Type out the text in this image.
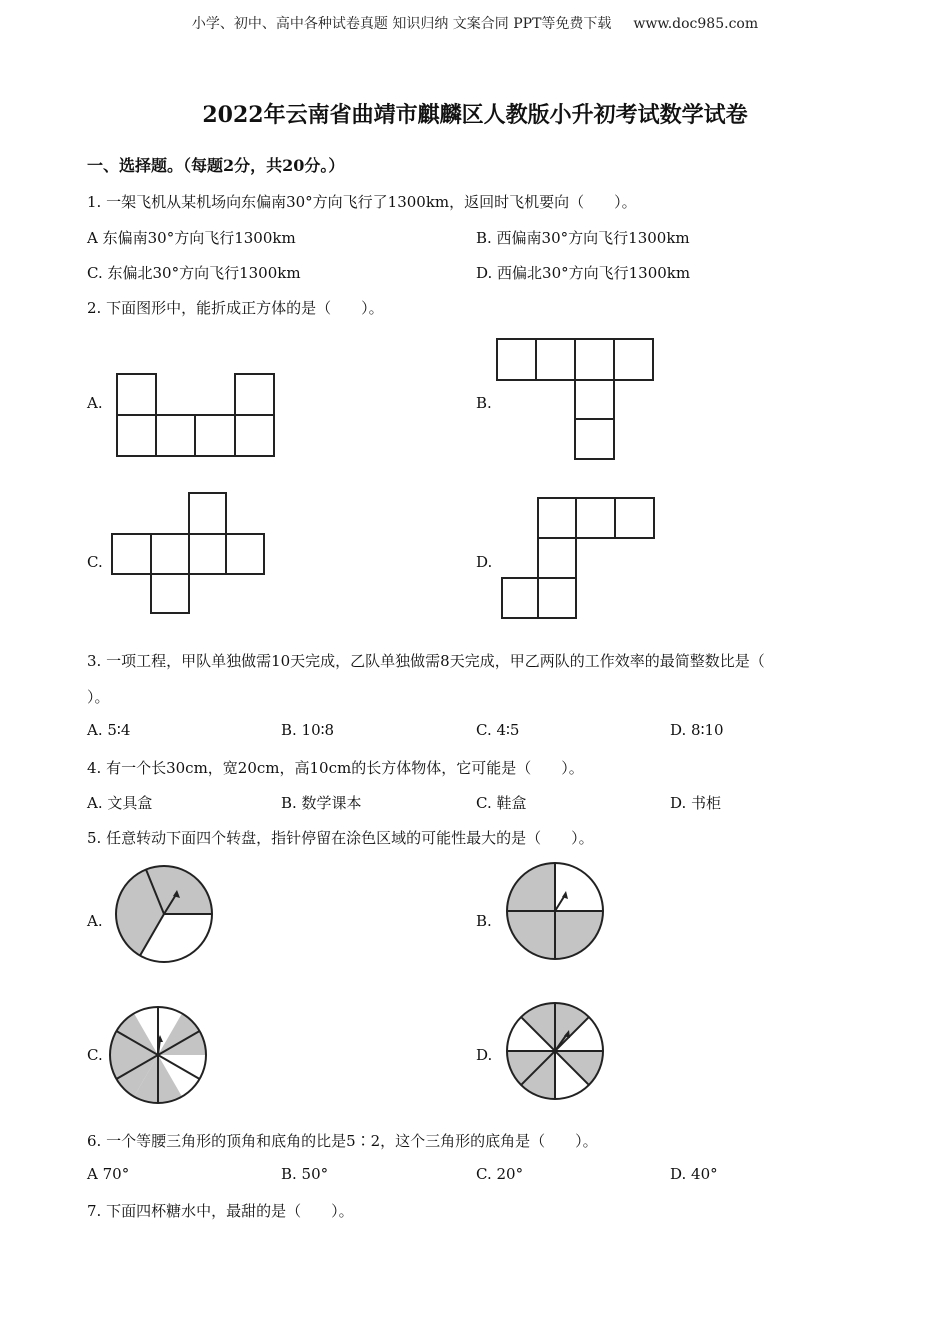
小学、初中、高中各种试卷真题 知识归纳 文案合同 PPT等免费下载 www.doc985.com
2022年云南省曲靖市麒麟区人教版小升初考试数学试卷
一、选择题。（每题2分，共20分。）
1. 一架飞机从某机场向东偏南30°方向飞行了1300km，返回时飞机要向（　　）。
A 东偏南30°方向飞行1300km	B. 西偏南30°方向飞行1300km
C. 东偏北30°方向飞行1300km	D. 西偏北30°方向飞行1300km
2. 下面图形中，能折成正方体的是（　　）。
A.	B.
C.	D.
3. 一项工程，甲队单独做需10天完成，乙队单独做需8天完成，甲乙两队的工作效率的最简整数比是（
）。
A. 5∶4	B. 10∶8	C. 4∶5	D. 8∶10
4. 有一个长30cm，宽20cm，高10cm的长方体物体，它可能是（　　）。
A. 文具盒	B. 数学课本	C. 鞋盒	D. 书柜
5. 任意转动下面四个转盘，指针停留在涂色区域的可能性最大的是（　　）。
A.	B.
C.	D.
6. 一个等腰三角形的顶角和底角的比是5∶2，这个三角形的底角是（　　）。
A 70°	B. 50°	C. 20°	D. 40°
7. 下面四杯糖水中，最甜的是（　　）。
